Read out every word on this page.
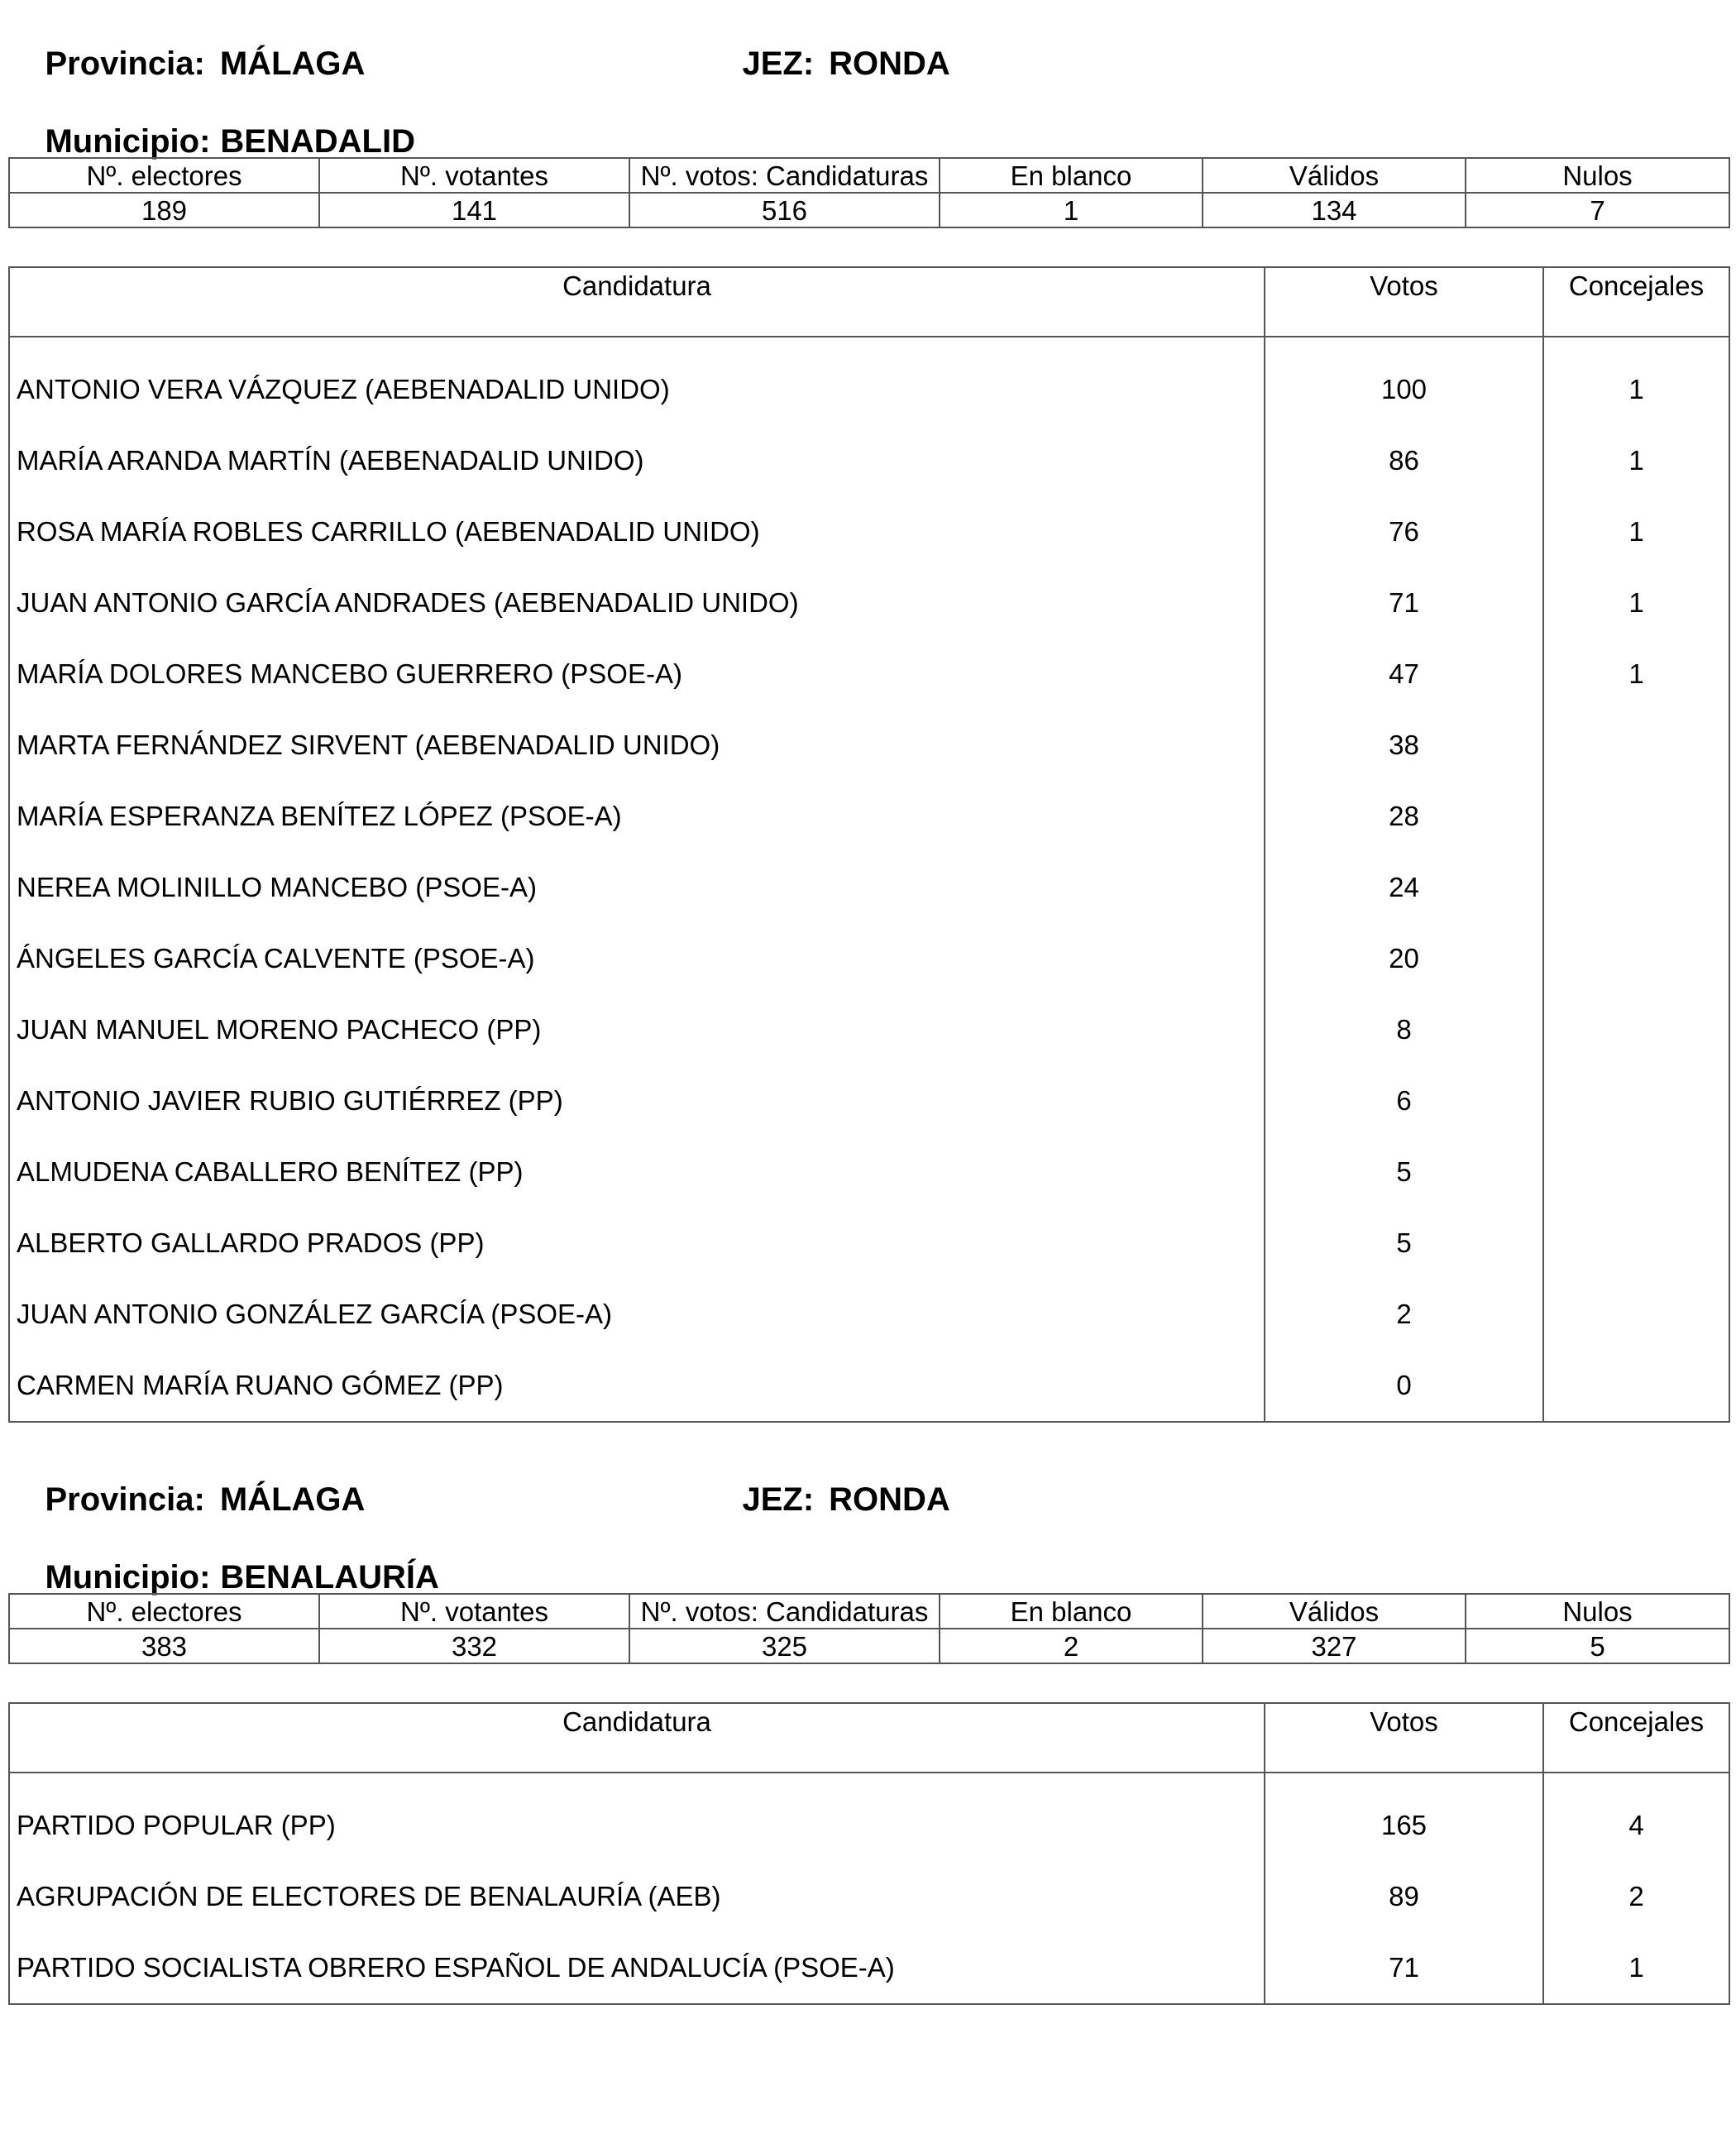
Provincia: MÁLAGA
	JEZ: RONDA

Municipio: BENADALID

Nº. electores	Nº. votantes	Nº. votos: Candidaturas	En blanco	Válidos	Nulos
189	141	516	1	134	7
Candidatura	Votos	Concejales
ANTONIO VERA VÁZQUEZ (AEBENADALID UNIDO)	100	1
MARÍA ARANDA MARTÍN (AEBENADALID UNIDO)	86	1
ROSA MARÍA ROBLES CARRILLO (AEBENADALID UNIDO)	76	1
JUAN ANTONIO GARCÍA ANDRADES (AEBENADALID UNIDO)	71	1
MARÍA DOLORES MANCEBO GUERRERO (PSOE-A)	47	1
MARTA FERNÁNDEZ SIRVENT (AEBENADALID UNIDO)	38	
MARÍA ESPERANZA BENÍTEZ LÓPEZ (PSOE-A)	28	
NEREA MOLINILLO MANCEBO (PSOE-A)	24	
ÁNGELES GARCÍA CALVENTE (PSOE-A)	20	
JUAN MANUEL MORENO PACHECO (PP)	8	
ANTONIO JAVIER RUBIO GUTIÉRREZ (PP)	6	
ALMUDENA CABALLERO BENÍTEZ (PP)	5	
ALBERTO GALLARDO PRADOS (PP)	5	
JUAN ANTONIO GONZÁLEZ GARCÍA (PSOE-A)	2	
CARMEN MARÍA RUANO GÓMEZ (PP)	0	

Provincia: MÁLAGA
	JEZ: RONDA

Municipio: BENALAURÍA

Nº. electores	Nº. votantes	Nº. votos: Candidaturas	En blanco	Válidos	Nulos
383	332	325	2	327	5
Candidatura	Votos	Concejales
PARTIDO POPULAR (PP)	165	4
AGRUPACIÓN DE ELECTORES DE BENALAURÍA (AEB)	89	2
PARTIDO SOCIALISTA OBRERO ESPAÑOL DE ANDALUCÍA (PSOE-A)	71	1
